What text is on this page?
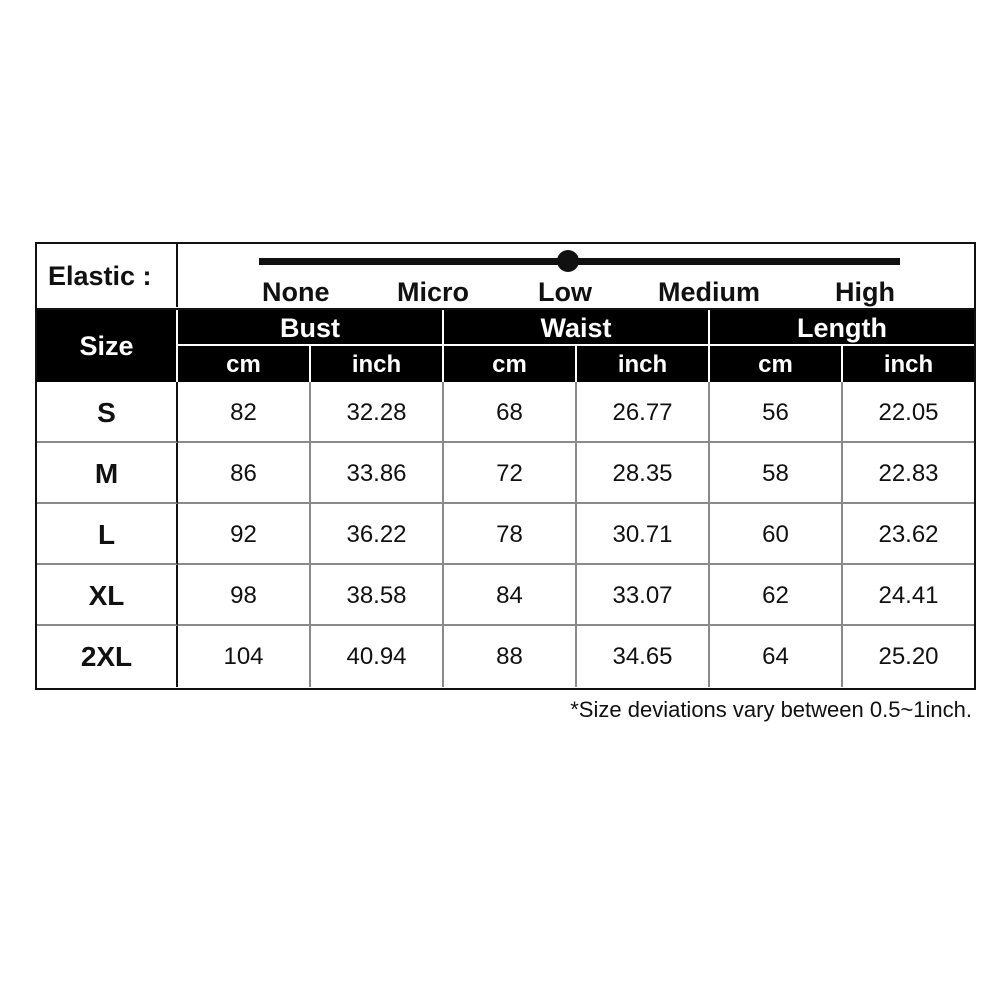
Elastic :
None	Micro	Low Medium	High
Size
Bust	Waist	Length
cm	inch	cm	inch	cm	inch
S	82	32.28	68	26.77	56	22.05
M	86	33.86	72	28.35	58	22.83
L	92	36.22	78	30.71	60	23.62
XL	98	38.58	84	33.07	62	24.41
2XL	104	40.94	88	34.65	64	25.20
*Size deviations vary between 0.5~1inch.
